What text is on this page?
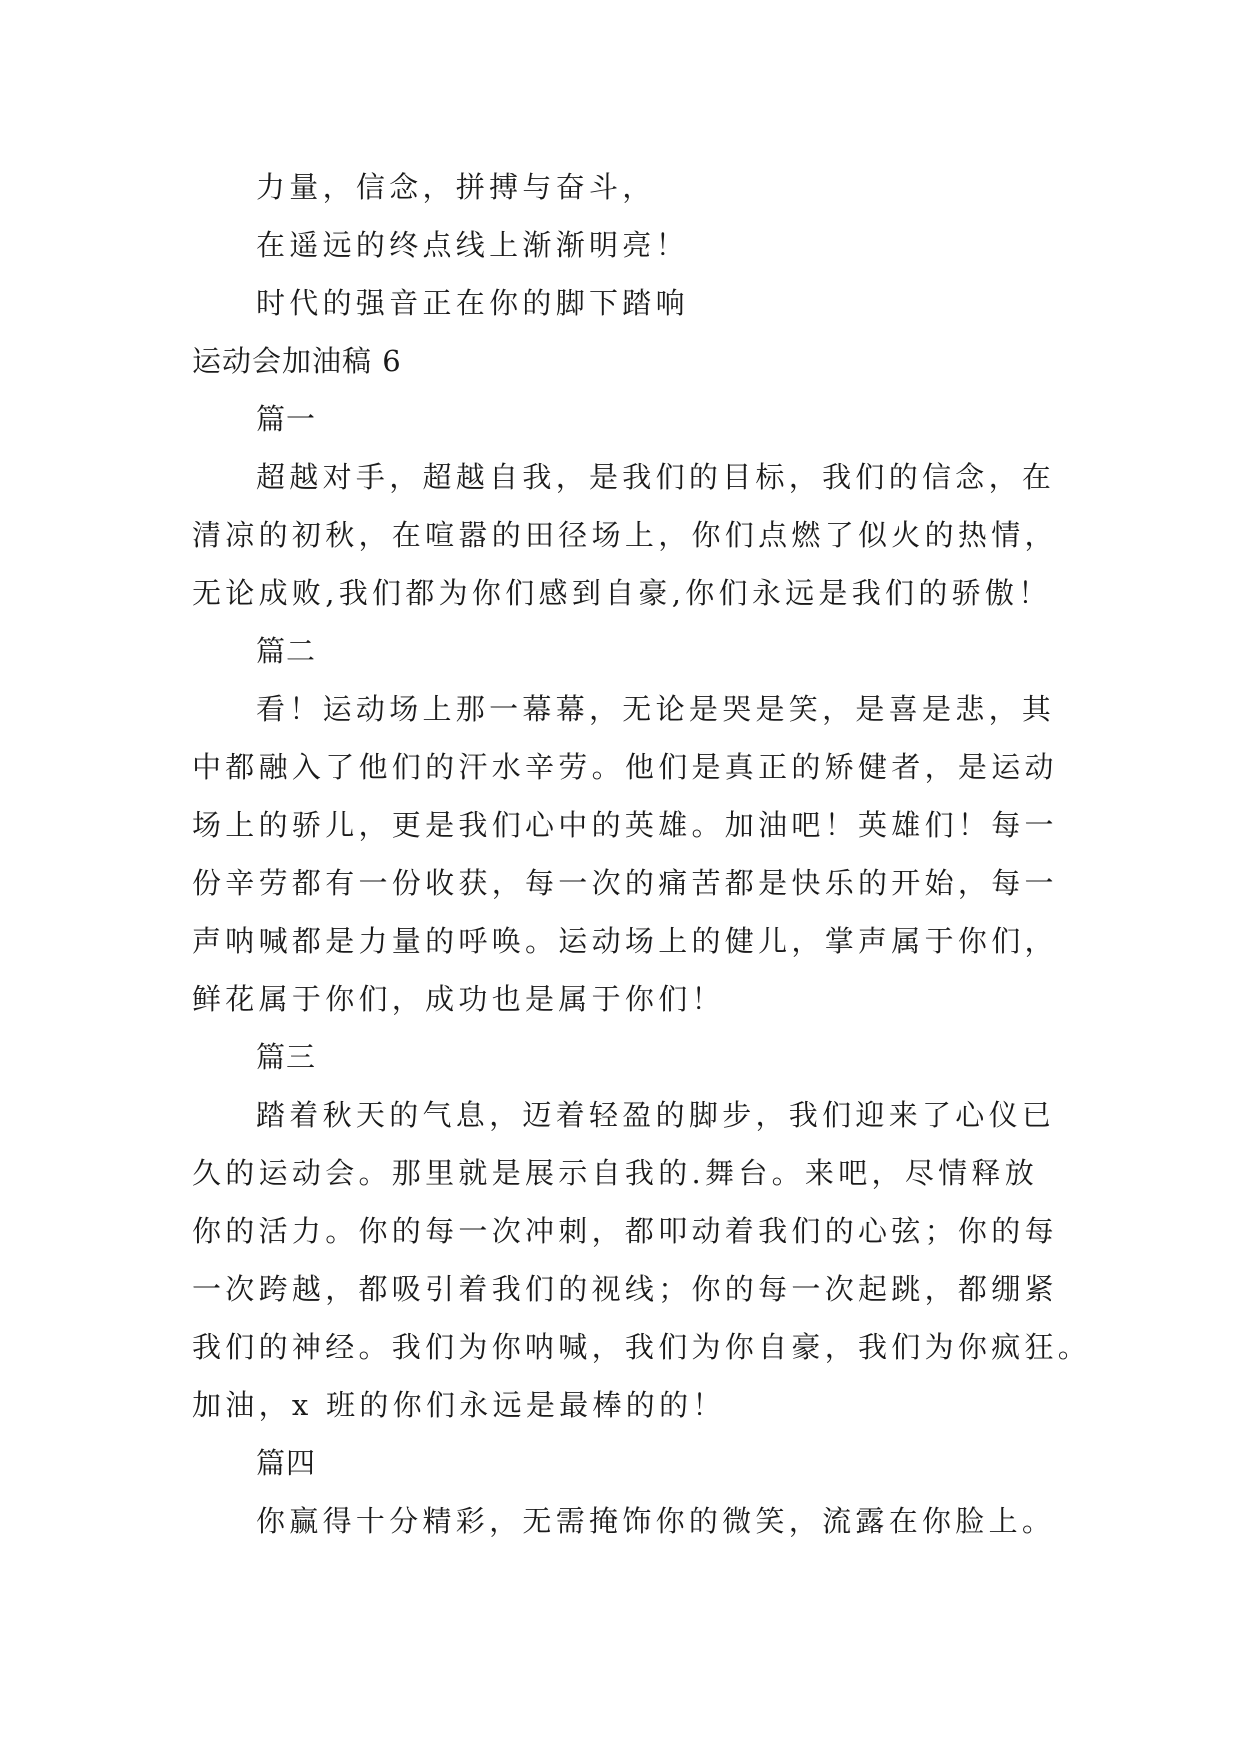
力量，信念，拼搏与奋斗，
在遥远的终点线上渐渐明亮！
时代的强音正在你的脚下踏响
运动会加油稿 6
篇一
超越对手，超越自我，是我们的目标，我们的信念，在
清凉的初秋，在喧嚣的田径场上，你们点燃了似火的热情，
无论成败,我们都为你们感到自豪,你们永远是我们的骄傲！
篇二
看！运动场上那一幕幕，无论是哭是笑，是喜是悲，其
中都融入了他们的汗水辛劳。他们是真正的矫健者，是运动
场上的骄儿，更是我们心中的英雄。加油吧！英雄们！每一
份辛劳都有一份收获，每一次的痛苦都是快乐的开始，每一
声呐喊都是力量的呼唤。运动场上的健儿，掌声属于你们，
鲜花属于你们，成功也是属于你们！
篇三
踏着秋天的气息，迈着轻盈的脚步，我们迎来了心仪已
久的运动会。那里就是展示自我的.舞台。来吧，尽情释放
你的活力。你的每一次冲刺，都叩动着我们的心弦；你的每
一次跨越，都吸引着我们的视线；你的每一次起跳，都绷紧
我们的神经。我们为你呐喊，我们为你自豪，我们为你疯狂。
加油，x 班的你们永远是最棒的的！
篇四
你赢得十分精彩，无需掩饰你的微笑，流露在你脸上。
